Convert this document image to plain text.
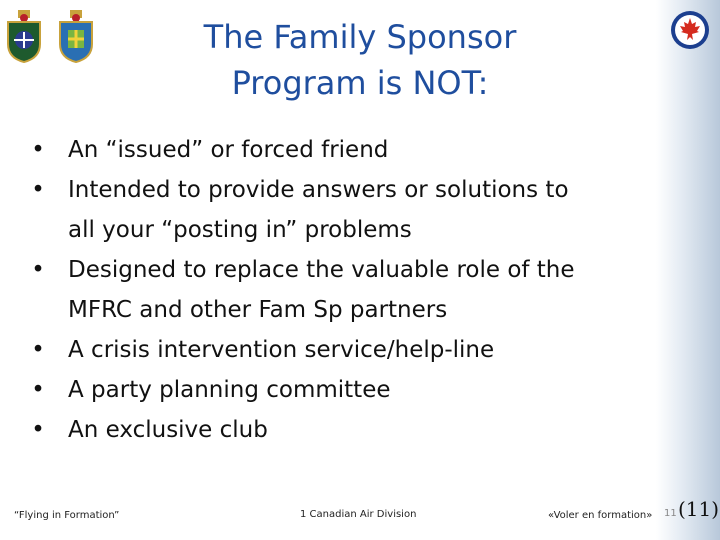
The Family Sponsor
Program is NOT:
• An “issued” or forced friend
• Intended to provide answers or solutions to
all your “posting in” problems
• Designed to replace the valuable role of the
MFRC and other Fam Sp partners
• A crisis intervention service/help-line
• A party planning committee
• An exclusive club
“Flying in Formation”	1 Canadian Air Division	«Voler en formation» 11 (11)
